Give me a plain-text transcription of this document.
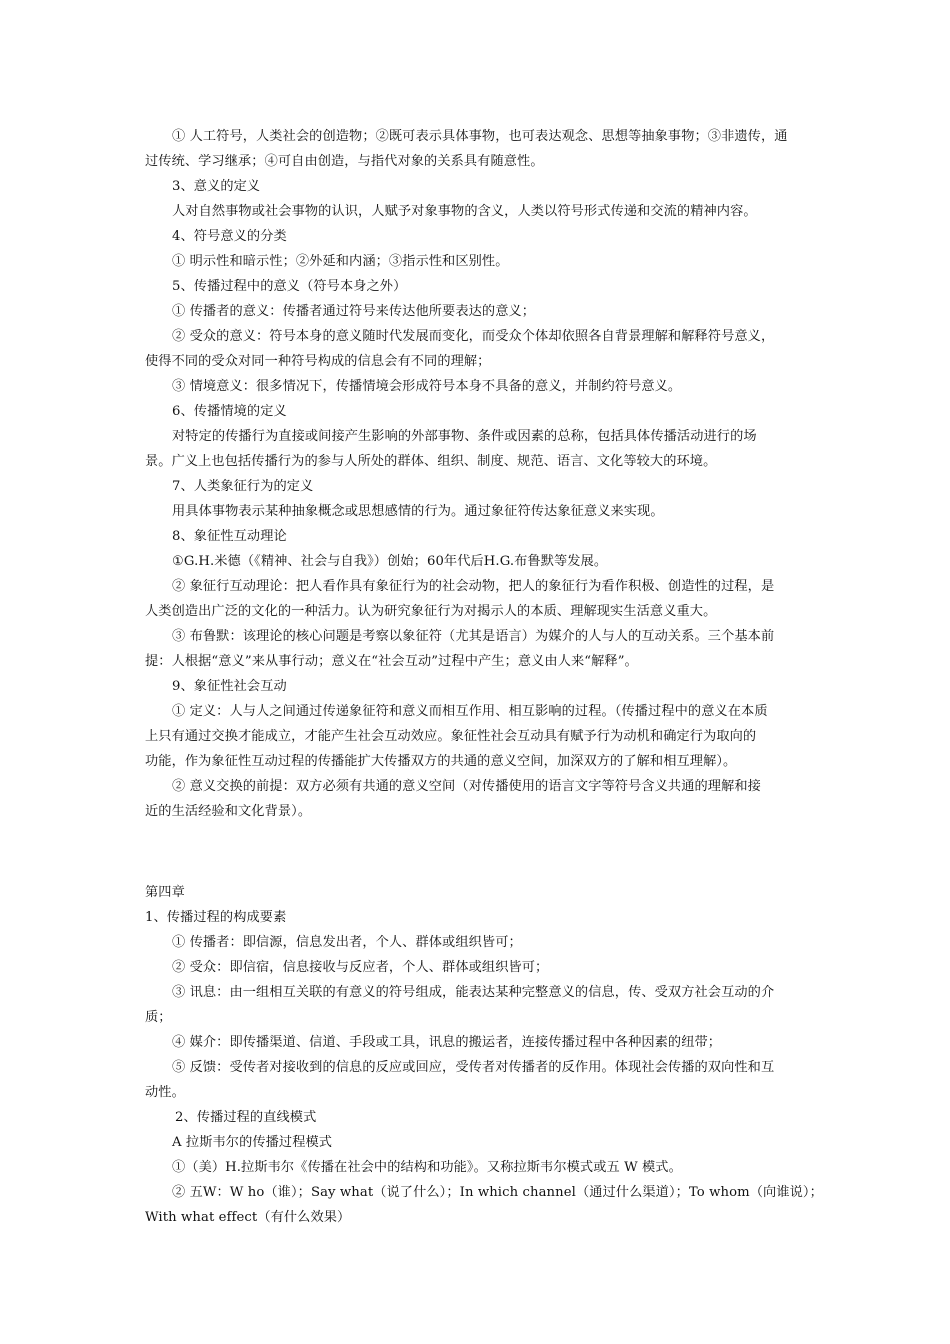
① 人工符号，人类社会的创造物；②既可表示具体事物，也可表达观念、思想等抽象事物；③非遗传，通
过传统、学习继承；④可自由创造，与指代对象的关系具有随意性。
3、意义的定义
人对自然事物或社会事物的认识，人赋予对象事物的含义，人类以符号形式传递和交流的精神内容。
4、符号意义的分类
① 明示性和暗示性；②外延和内涵；③指示性和区别性。
5、传播过程中的意义（符号本身之外）
① 传播者的意义：传播者通过符号来传达他所要表达的意义；
② 受众的意义：符号本身的意义随时代发展而变化，而受众个体却依照各自背景理解和解释符号意义，
使得不同的受众对同一种符号构成的信息会有不同的理解；
③ 情境意义：很多情况下，传播情境会形成符号本身不具备的意义，并制约符号意义。
6、传播情境的定义
对特定的传播行为直接或间接产生影响的外部事物、条件或因素的总称，包括具体传播活动进行的场
景。广义上也包括传播行为的参与人所处的群体、组织、制度、规范、语言、文化等较大的环境。
7、人类象征行为的定义
用具体事物表示某种抽象概念或思想感情的行为。通过象征符传达象征意义来实现。
8、象征性互动理论
①G.H.米德（《精神、社会与自我》）创始；60年代后H.G.布鲁默等发展。
② 象征行互动理论：把人看作具有象征行为的社会动物，把人的象征行为看作积极、创造性的过程，是
人类创造出广泛的文化的一种活力。认为研究象征行为对揭示人的本质、理解现实生活意义重大。
③ 布鲁默：该理论的核心问题是考察以象征符（尤其是语言）为媒介的人与人的互动关系。三个基本前
提：人根据“意义”来从事行动；意义在“社会互动”过程中产生；意义由人来“解释”。
9、象征性社会互动
① 定义：人与人之间通过传递象征符和意义而相互作用、相互影响的过程。（传播过程中的意义在本质
上只有通过交换才能成立，才能产生社会互动效应。象征性社会互动具有赋予行为动机和确定行为取向的
功能，作为象征性互动过程的传播能扩大传播双方的共通的意义空间，加深双方的了解和相互理解）。
② 意义交换的前提：双方必须有共通的意义空间（对传播使用的语言文字等符号含义共通的理解和接
近的生活经验和文化背景）。
第四章
1、传播过程的构成要素
① 传播者：即信源，信息发出者，个人、群体或组织皆可；
② 受众：即信宿，信息接收与反应者，个人、群体或组织皆可；
③ 讯息：由一组相互关联的有意义的符号组成，能表达某种完整意义的信息，传、受双方社会互动的介
质；
④ 媒介：即传播渠道、信道、手段或工具，讯息的搬运者，连接传播过程中各种因素的纽带；
⑤ 反馈：受传者对接收到的信息的反应或回应，受传者对传播者的反作用。体现社会传播的双向性和互
动性。
2、传播过程的直线模式
A 拉斯韦尔的传播过程模式
①（美）H.拉斯韦尔《传播在社会中的结构和功能》。又称拉斯韦尔模式或五 W 模式。
② 五W：W ho（谁）；Say what（说了什么）；In which channel（通过什么渠道）；To whom（向谁说）；
With what effect（有什么效果）
